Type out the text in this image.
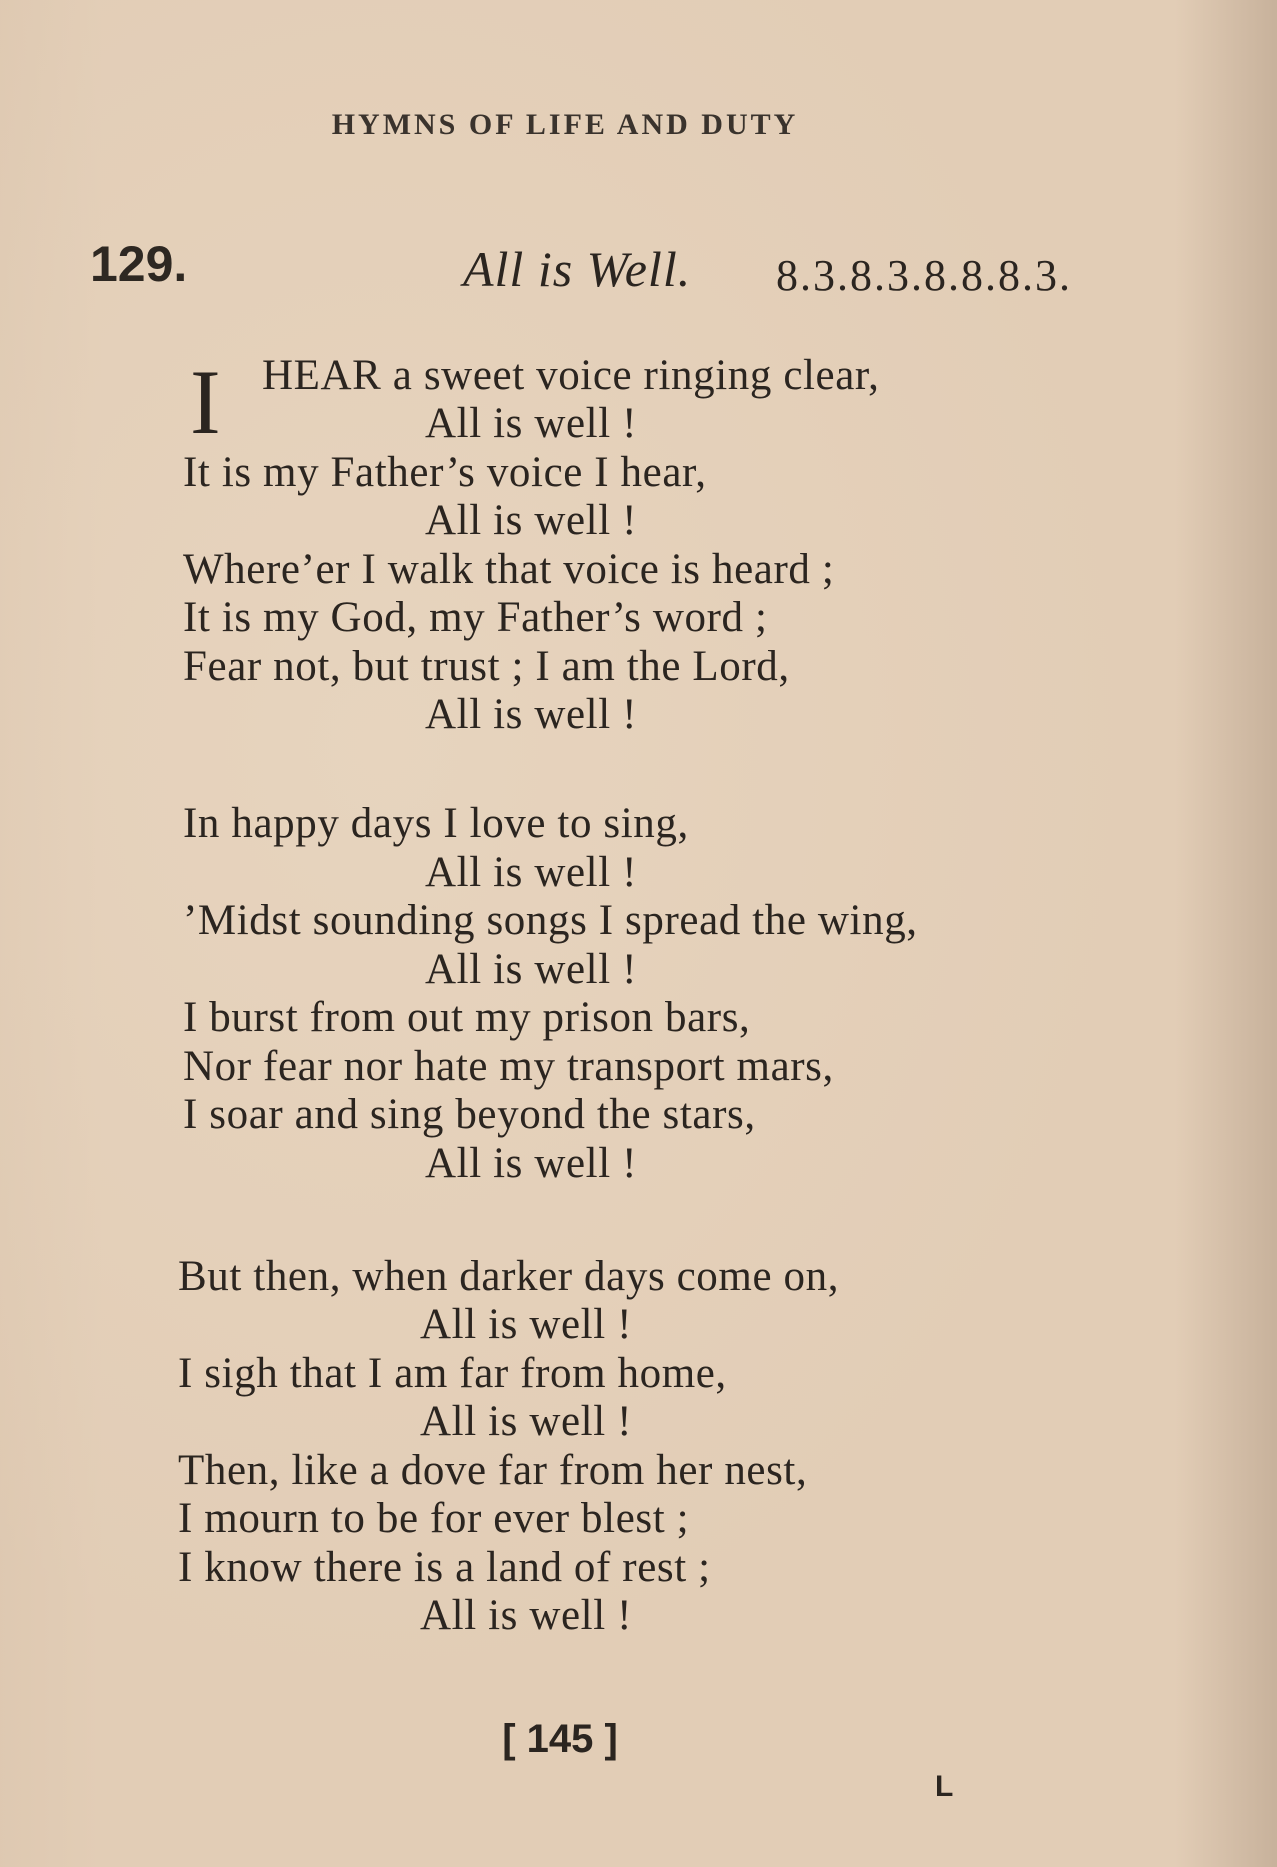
HYMNS OF LIFE AND DUTY
129.	All is Well. 8.3.8.3.8.8.8.3.
I HEAR a sweet voice ringing clear,
All is well !
It is my Father’s voice I hear,
All is well !
Where’er I walk that voice is heard ;
It is my God, my Father’s word ;
Fear not, but trust ; I am the Lord,
All is well !
In happy days I love to sing,
All is well !
’Midst sounding songs I spread the wing,
All is well !
I burst from out my prison bars,
Nor fear nor hate my transport mars,
I soar and sing beyond the stars,
All is well !
But then, when darker days come on,
All is well !
I sigh that I am far from home,
All is well !
Then, like a dove far from her nest,
I mourn to be for ever blest ;
I know there is a land of rest ;
All is well !
[ 145 ]
L
